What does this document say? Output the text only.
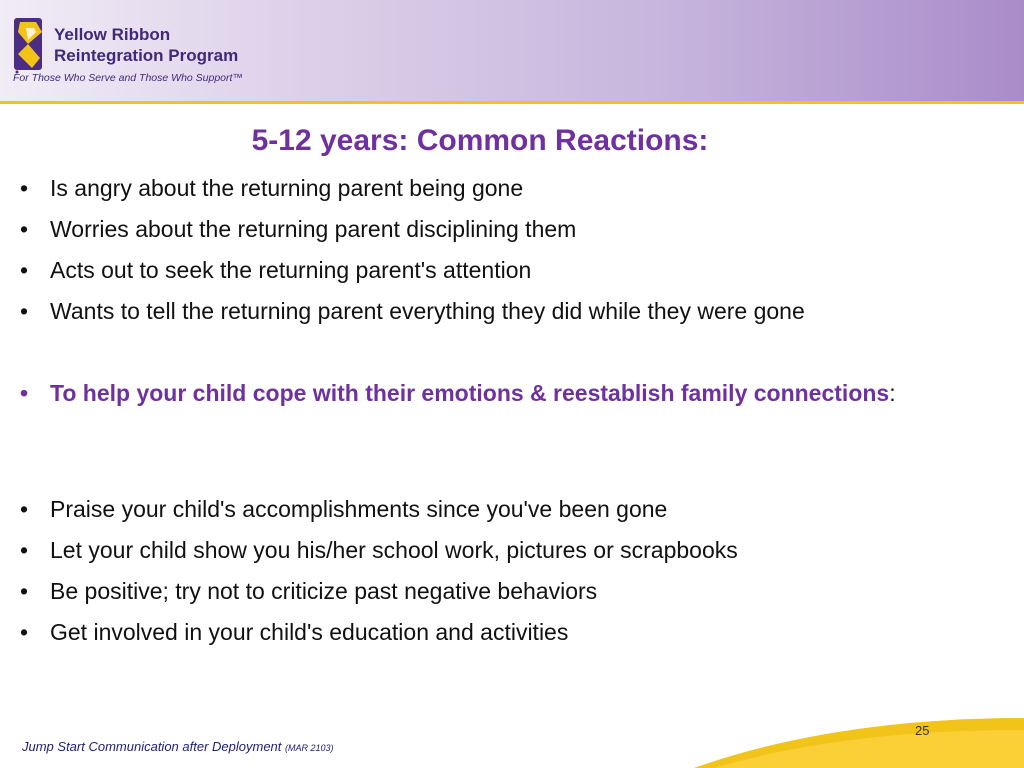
Yellow Ribbon
Reintegration Program
For Those Who Serve and Those Who Support™
5-12 years: Common Reactions:
• Is angry about the returning parent being gone
• Worries about the returning parent disciplining them
• Acts out to seek the returning parent's attention
• Wants to tell the returning parent everything they did while they were gone
• To help your child cope with their emotions & reestablish family connections:
• Praise your child's accomplishments since you've been gone
• Let your child show you his/her school work, pictures or scrapbooks
• Be positive; try not to criticize past negative behaviors
• Get involved in your child's education and activities
25
Jump Start Communication after Deployment (MAR 2103)
